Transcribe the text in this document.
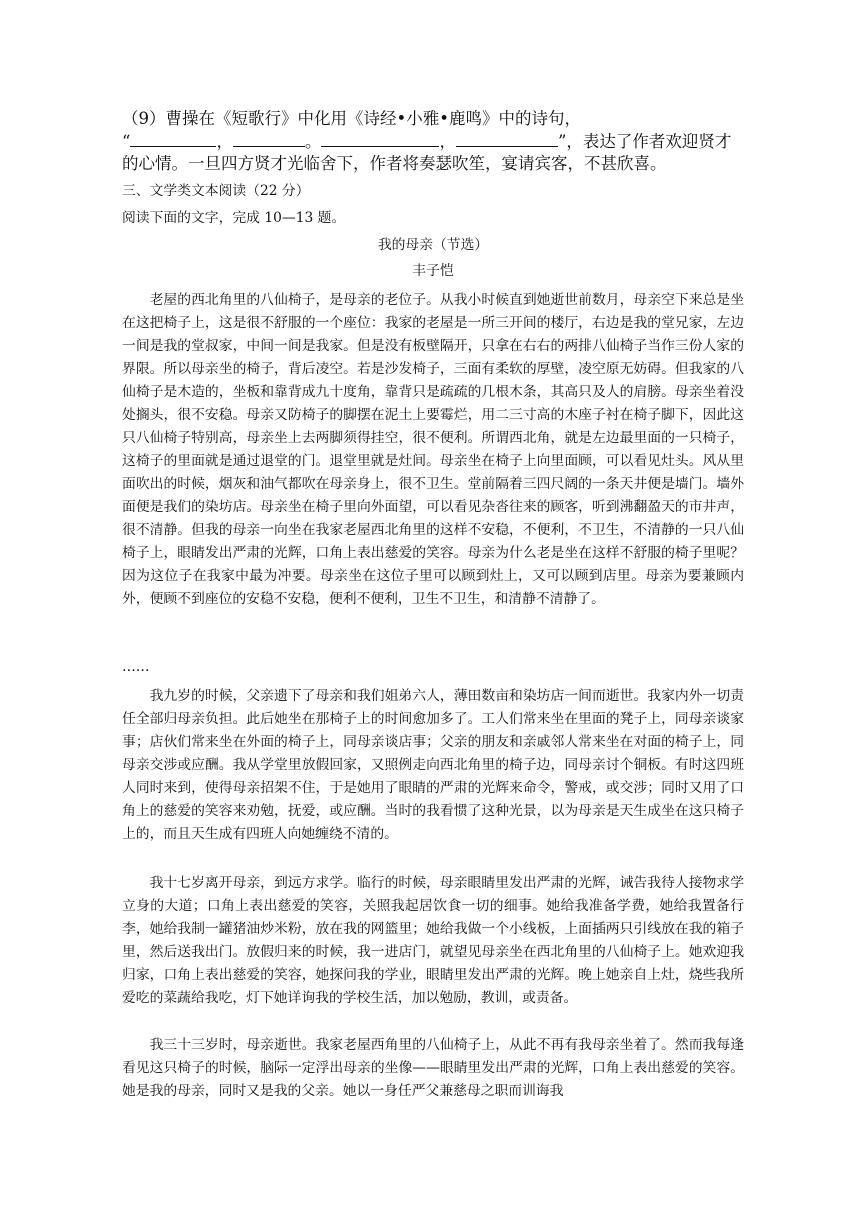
（9）曹操在《短歌行》中化用《诗经•小雅•鹿鸣》中的诗句，

“	，	。	，	”，表达了作者欢迎贤才

的心情。一旦四方贤才光临舍下，作者将奏瑟吹笙，宴请宾客，不甚欣喜。

三、文学类文本阅读（22 分）

阅读下面的文字，完成 10—13 题。

我的母亲（节选）

丰子恺

老屋的西北角里的八仙椅子，是母亲的老位子。从我小时候直到她逝世前数月，母亲空下来总是坐在这把椅子上，这是很不舒服的一个座位：我家的老屋是一所三开间的楼厅，右边是我的堂兄家，左边一间是我的堂叔家，中间一间是我家。但是没有板壁隔开，只拿在右右的两排八仙椅子当作三份人家的界限。所以母亲坐的椅子，背后凌空。若是沙发椅子，三面有柔软的厚壁，凌空原无妨碍。但我家的八仙椅子是木造的，坐板和靠背成九十度角，靠背只是疏疏的几根木条，其高只及人的肩膀。母亲坐着没处搁头，很不安稳。母亲又防椅子的脚摆在泥土上要霉烂，用二三寸高的木座子衬在椅子脚下，因此这只八仙椅子特别高，母亲坐上去两脚须得挂空，很不便利。所谓西北角，就是左边最里面的一只椅子，这椅子的里面就是通过退堂的门。退堂里就是灶间。母亲坐在椅子上向里面顾，可以看见灶头。风从里面吹出的时候，烟灰和油气都吹在母亲身上，很不卫生。堂前隔着三四尺阔的一条天井便是墙门。墙外面便是我们的染坊店。母亲坐在椅子里向外面望，可以看见杂沓往来的顾客，听到沸翻盈天的市井声，很不清静。但我的母亲一向坐在我家老屋西北角里的这样不安稳，不便利，不卫生，不清静的一只八仙椅子上，眼睛发出严肃的光辉，口角上表出慈爱的笑容。母亲为什么老是坐在这样不舒服的椅子里呢？因为这位子在我家中最为冲要。母亲坐在这位子里可以顾到灶上，又可以顾到店里。母亲为要兼顾内外，便顾不到座位的安稳不安稳，便利不便利，卫生不卫生，和清静不清静了。

……

我九岁的时候，父亲遗下了母亲和我们姐弟六人，薄田数亩和染坊店一间而逝世。我家内外一切责任全部归母亲负担。此后她坐在那椅子上的时间愈加多了。工人们常来坐在里面的凳子上，同母亲谈家事；店伙们常来坐在外面的椅子上，同母亲谈店事；父亲的朋友和亲戚邻人常来坐在对面的椅子上，同母亲交涉或应酬。我从学堂里放假回家，又照例走向西北角里的椅子边，同母亲讨个铜板。有时这四班人同时来到，使得母亲招架不住，于是她用了眼睛的严肃的光辉来命令，警戒，或交涉；同时又用了口角上的慈爱的笑容来劝勉，抚爱，或应酬。当时的我看惯了这种光景，以为母亲是天生成坐在这只椅子上的，而且天生成有四班人向她缠绕不清的。

我十七岁离开母亲，到远方求学。临行的时候，母亲眼睛里发出严肃的光辉，诫告我待人接物求学立身的大道；口角上表出慈爱的笑容，关照我起居饮食一切的细事。她给我准备学费，她给我置备行李，她给我制一罐猪油炒米粉，放在我的网篮里；她给我做一个小线板，上面插两只引线放在我的箱子里，然后送我出门。放假归来的时候，我一进店门，就望见母亲坐在西北角里的八仙椅子上。她欢迎我归家，口角上表出慈爱的笑容，她探问我的学业，眼睛里发出严肃的光辉。晚上她亲自上灶，烧些我所爱吃的菜蔬给我吃，灯下她详询我的学校生活，加以勉励，教训，或责备。

我三十三岁时，母亲逝世。我家老屋西角里的八仙椅子上，从此不再有我母亲坐着了。然而我每逢看见这只椅子的时候，脑际一定浮出母亲的坐像——眼睛里发出严肃的光辉，口角上表出慈爱的笑容。她是我的母亲，同时又是我的父亲。她以一身任严父兼慈母之职而训诲我
